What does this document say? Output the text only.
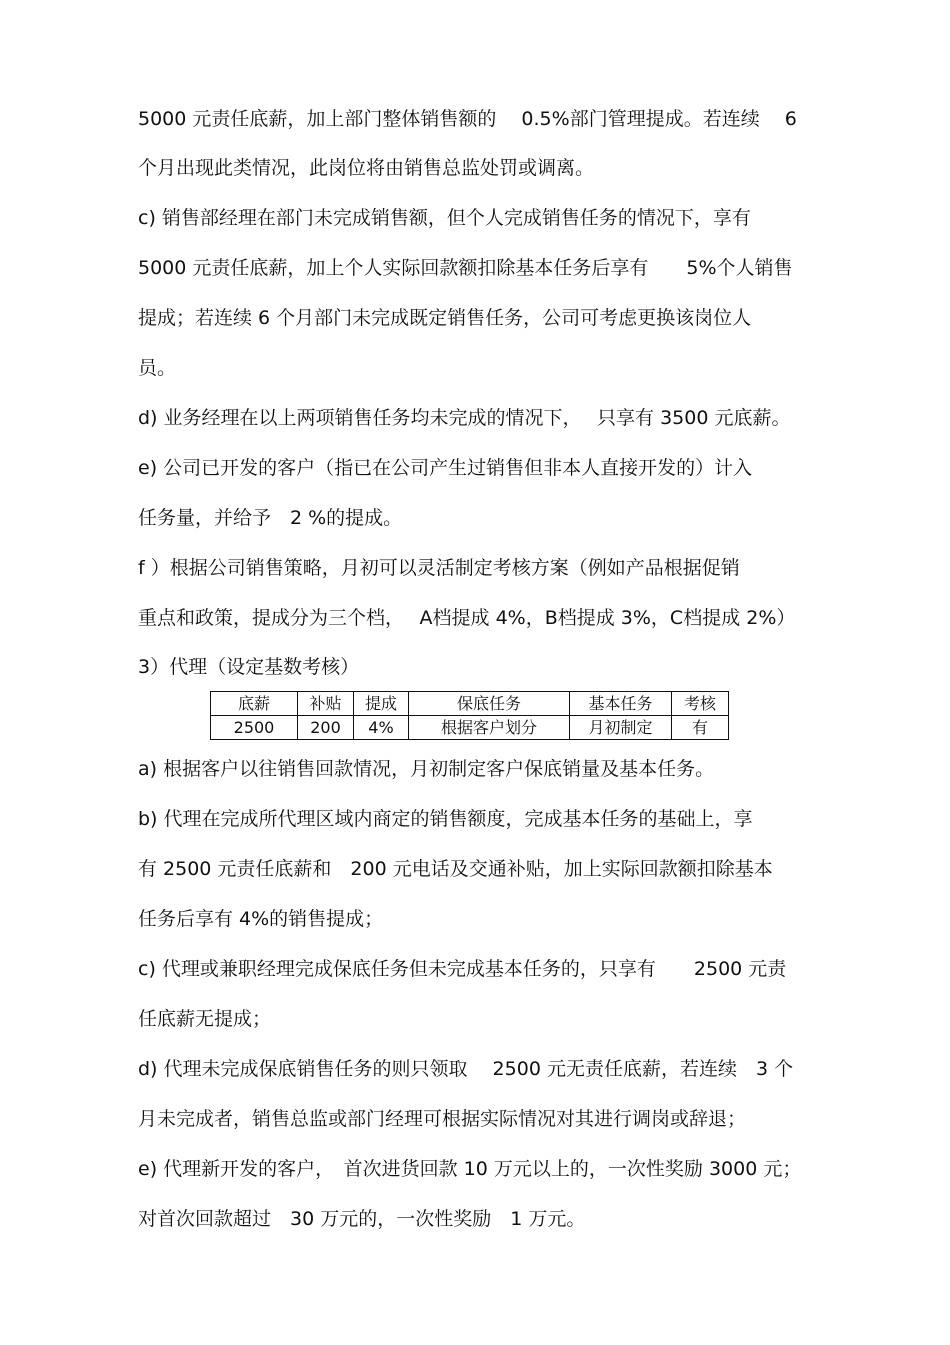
5000 元责任底薪，加上部门整体销售额的　 0.5%部门管理提成。若连续　 6
个月出现此类情况，此岗位将由销售总监处罚或调离。
c) 销售部经理在部门未完成销售额，但个人完成销售任务的情况下，享有
5000 元责任底薪，加上个人实际回款额扣除基本任务后享有　　5%个人销售
提成；若连续 6 个月部门未完成既定销售任务，公司可考虑更换该岗位人
员。
d) 业务经理在以上两项销售任务均未完成的情况下，　 只享有 3500 元底薪。
e) 公司已开发的客户（指已在公司产生过销售但非本人直接开发的）计入
任务量，并给予　2 %的提成。
f ）根据公司销售策略，月初可以灵活制定考核方案（例如产品根据促销
重点和政策，提成分为三个档，　 A档提成 4%，B档提成 3%，C档提成 2%）
3）代理（设定基数考核）
底薪	补贴	提成	保底任务	基本任务	考核
2500	200	4%	根据客户划分	月初制定	有
a) 根据客户以往销售回款情况，月初制定客户保底销量及基本任务。
b) 代理在完成所代理区域内商定的销售额度，完成基本任务的基础上，享
有 2500 元责任底薪和　200 元电话及交通补贴，加上实际回款额扣除基本
任务后享有 4%的销售提成；
c) 代理或兼职经理完成保底任务但未完成基本任务的，只享有　　2500 元责
任底薪无提成；
d) 代理未完成保底销售任务的则只领取　 2500 元无责任底薪，若连续　3 个
月未完成者，销售总监或部门经理可根据实际情况对其进行调岗或辞退；
e) 代理新开发的客户，　首次进货回款 10 万元以上的，一次性奖励 3000 元；
对首次回款超过　30 万元的，一次性奖励　1 万元。
